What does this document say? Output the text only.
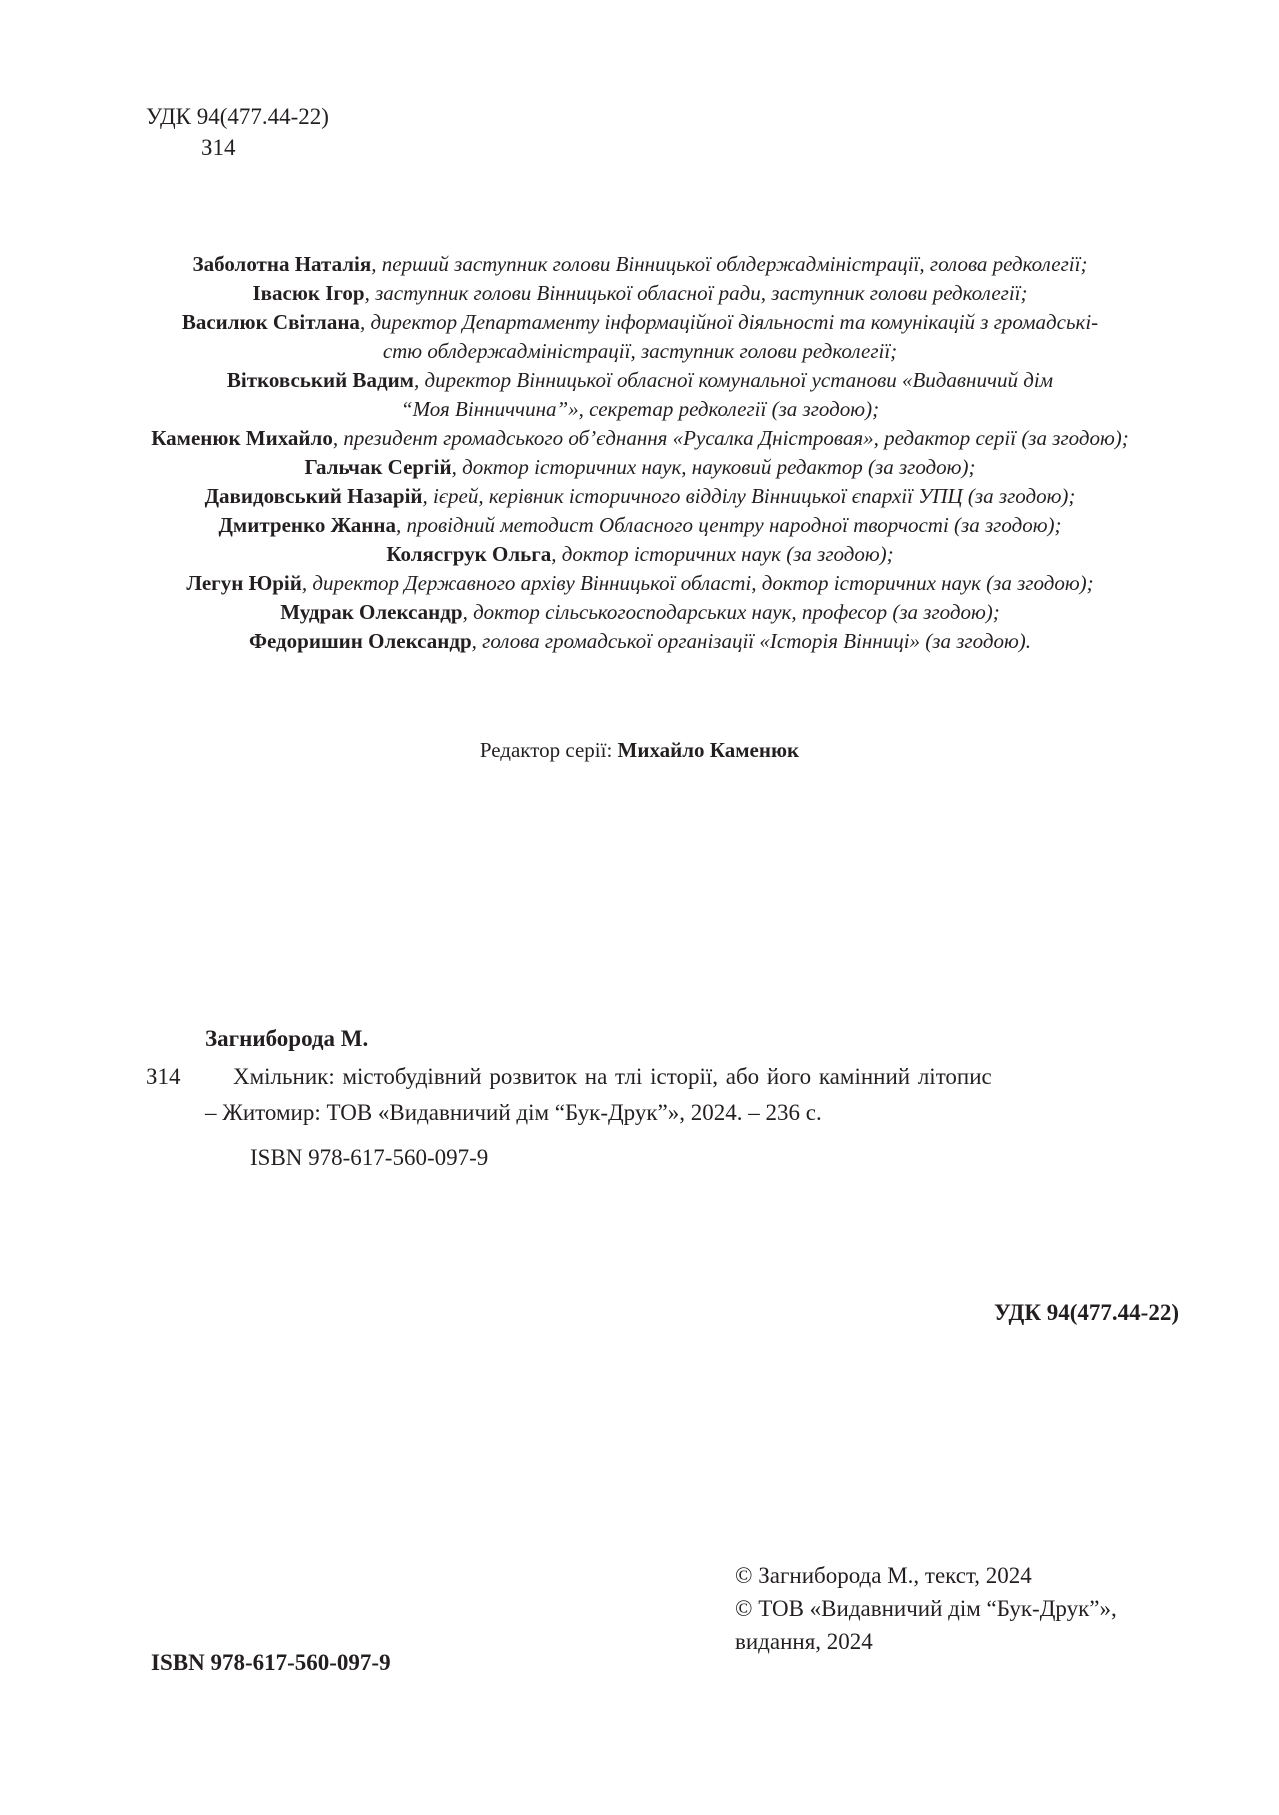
УДК 94(477.44-22)
З14
Заболотна Наталія, перший заступник голови Вінницької облдержадміністрації, голова редколегії;
Івасюк Ігор, заступник голови Вінницької обласної ради, заступник голови редколегії;
Василюк Світлана, директор Департаменту інформаційної діяльності та комунікацій з громадськi-
стю облдержадміністрації, заступник голови редколегії;
Вітковський Вадим, директор Вінницької обласної комунальної установи «Видавничий дім
“Моя Вінниччина”», секретар редколегії (за згодою);
Каменюк Михайло, президент громадського об’єднання «Русалка Дністровая», редактор серії (за згодою);
Гальчак Сергій, доктор історичних наук, науковий редактор (за згодою);
Давидовський Назарій, ієрей, керівник історичного відділу Вінницької єпархії УПЦ (за згодою);
Дмитренко Жанна, провідний методист Обласного центру народної творчості (за згодою);
Колясгрук Ольга, доктор історичних наук (за згодою);
Легун Юрій, директор Державного архіву Вінницької області, доктор історичних наук (за згодою);
Мудрак Олександр, доктор сільськогосподарських наук, професор (за згодою);
Федоришин Олександр, голова громадської організації «Історія Вінниці» (за згодою).
Редактор серії: Михайло Каменюк
Загниборода М.
З14 Хмільник: містобудівний розвиток на тлі історії, або його камінний літопис
– Житомир: ТОВ «Видавничий дім “Бук-Друк”», 2024. – 236 с.
ISBN 978-617-560-097-9
УДК 94(477.44-22)
ISBN 978-617-560-097-9
© Загниборода М., текст, 2024
© ТОВ «Видавничий дім “Бук-Друк”»,
видання, 2024
